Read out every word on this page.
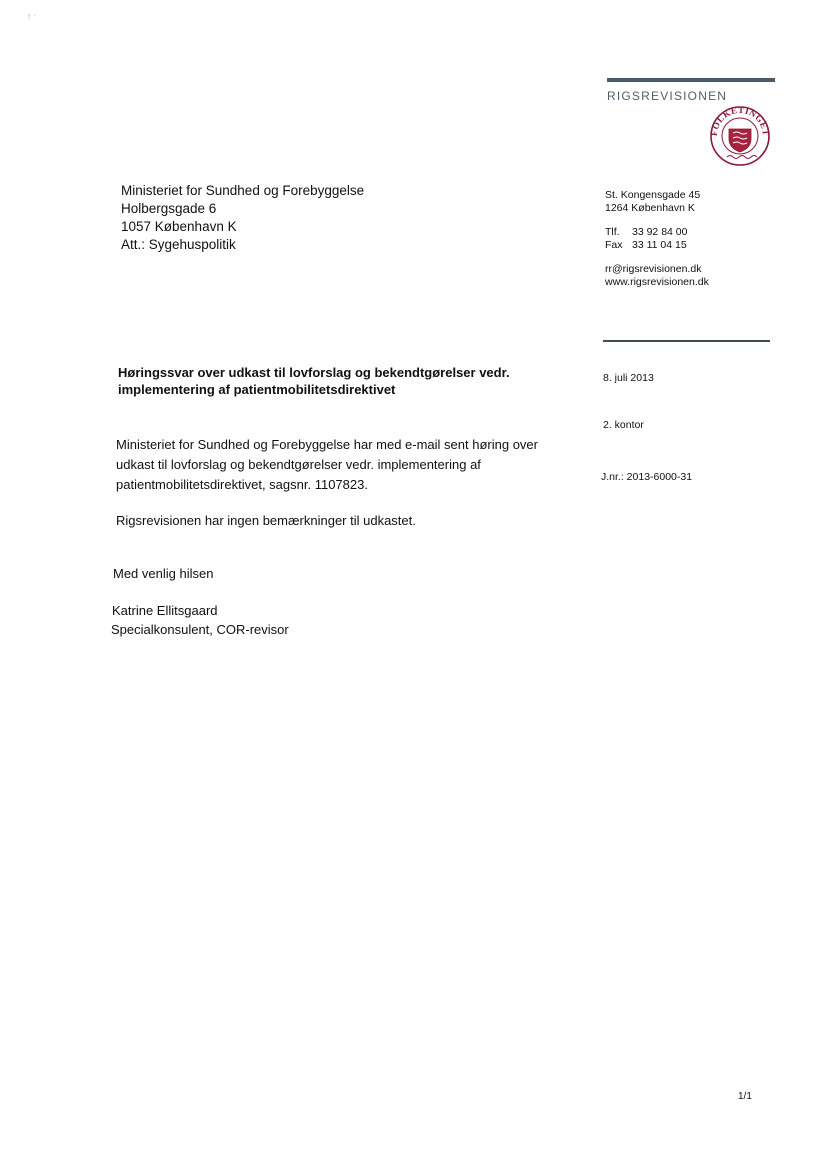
ᶠ ˈ
RIGSREVISIONEN
FOLKETINGET
Ministeriet for Sundhed og Forebyggelse
Holbergsgade 6
1057 København K
Att.: Sygehuspolitik
St. Kongensgade 45
1264 København K
Tlf. 33 92 84 00
Fax 33 11 04 15
rr@rigsrevisionen.dk
www.rigsrevisionen.dk
Høringssvar over udkast til lovforslag og bekendtgørelser vedr. implementering af patientmobilitetsdirektivet
8. juli 2013
2. kontor
J.nr.: 2013-6000-31
Ministeriet for Sundhed og Forebyggelse har med e-mail sent høring over udkast til lovforslag og bekendtgørelser vedr. implementering af patientmobilitetsdirektivet, sagsnr. 1107823.
Rigsrevisionen har ingen bemærkninger til udkastet.
Med venlig hilsen
Katrine Ellitsgaard
Specialkonsulent, COR-revisor
1/1
